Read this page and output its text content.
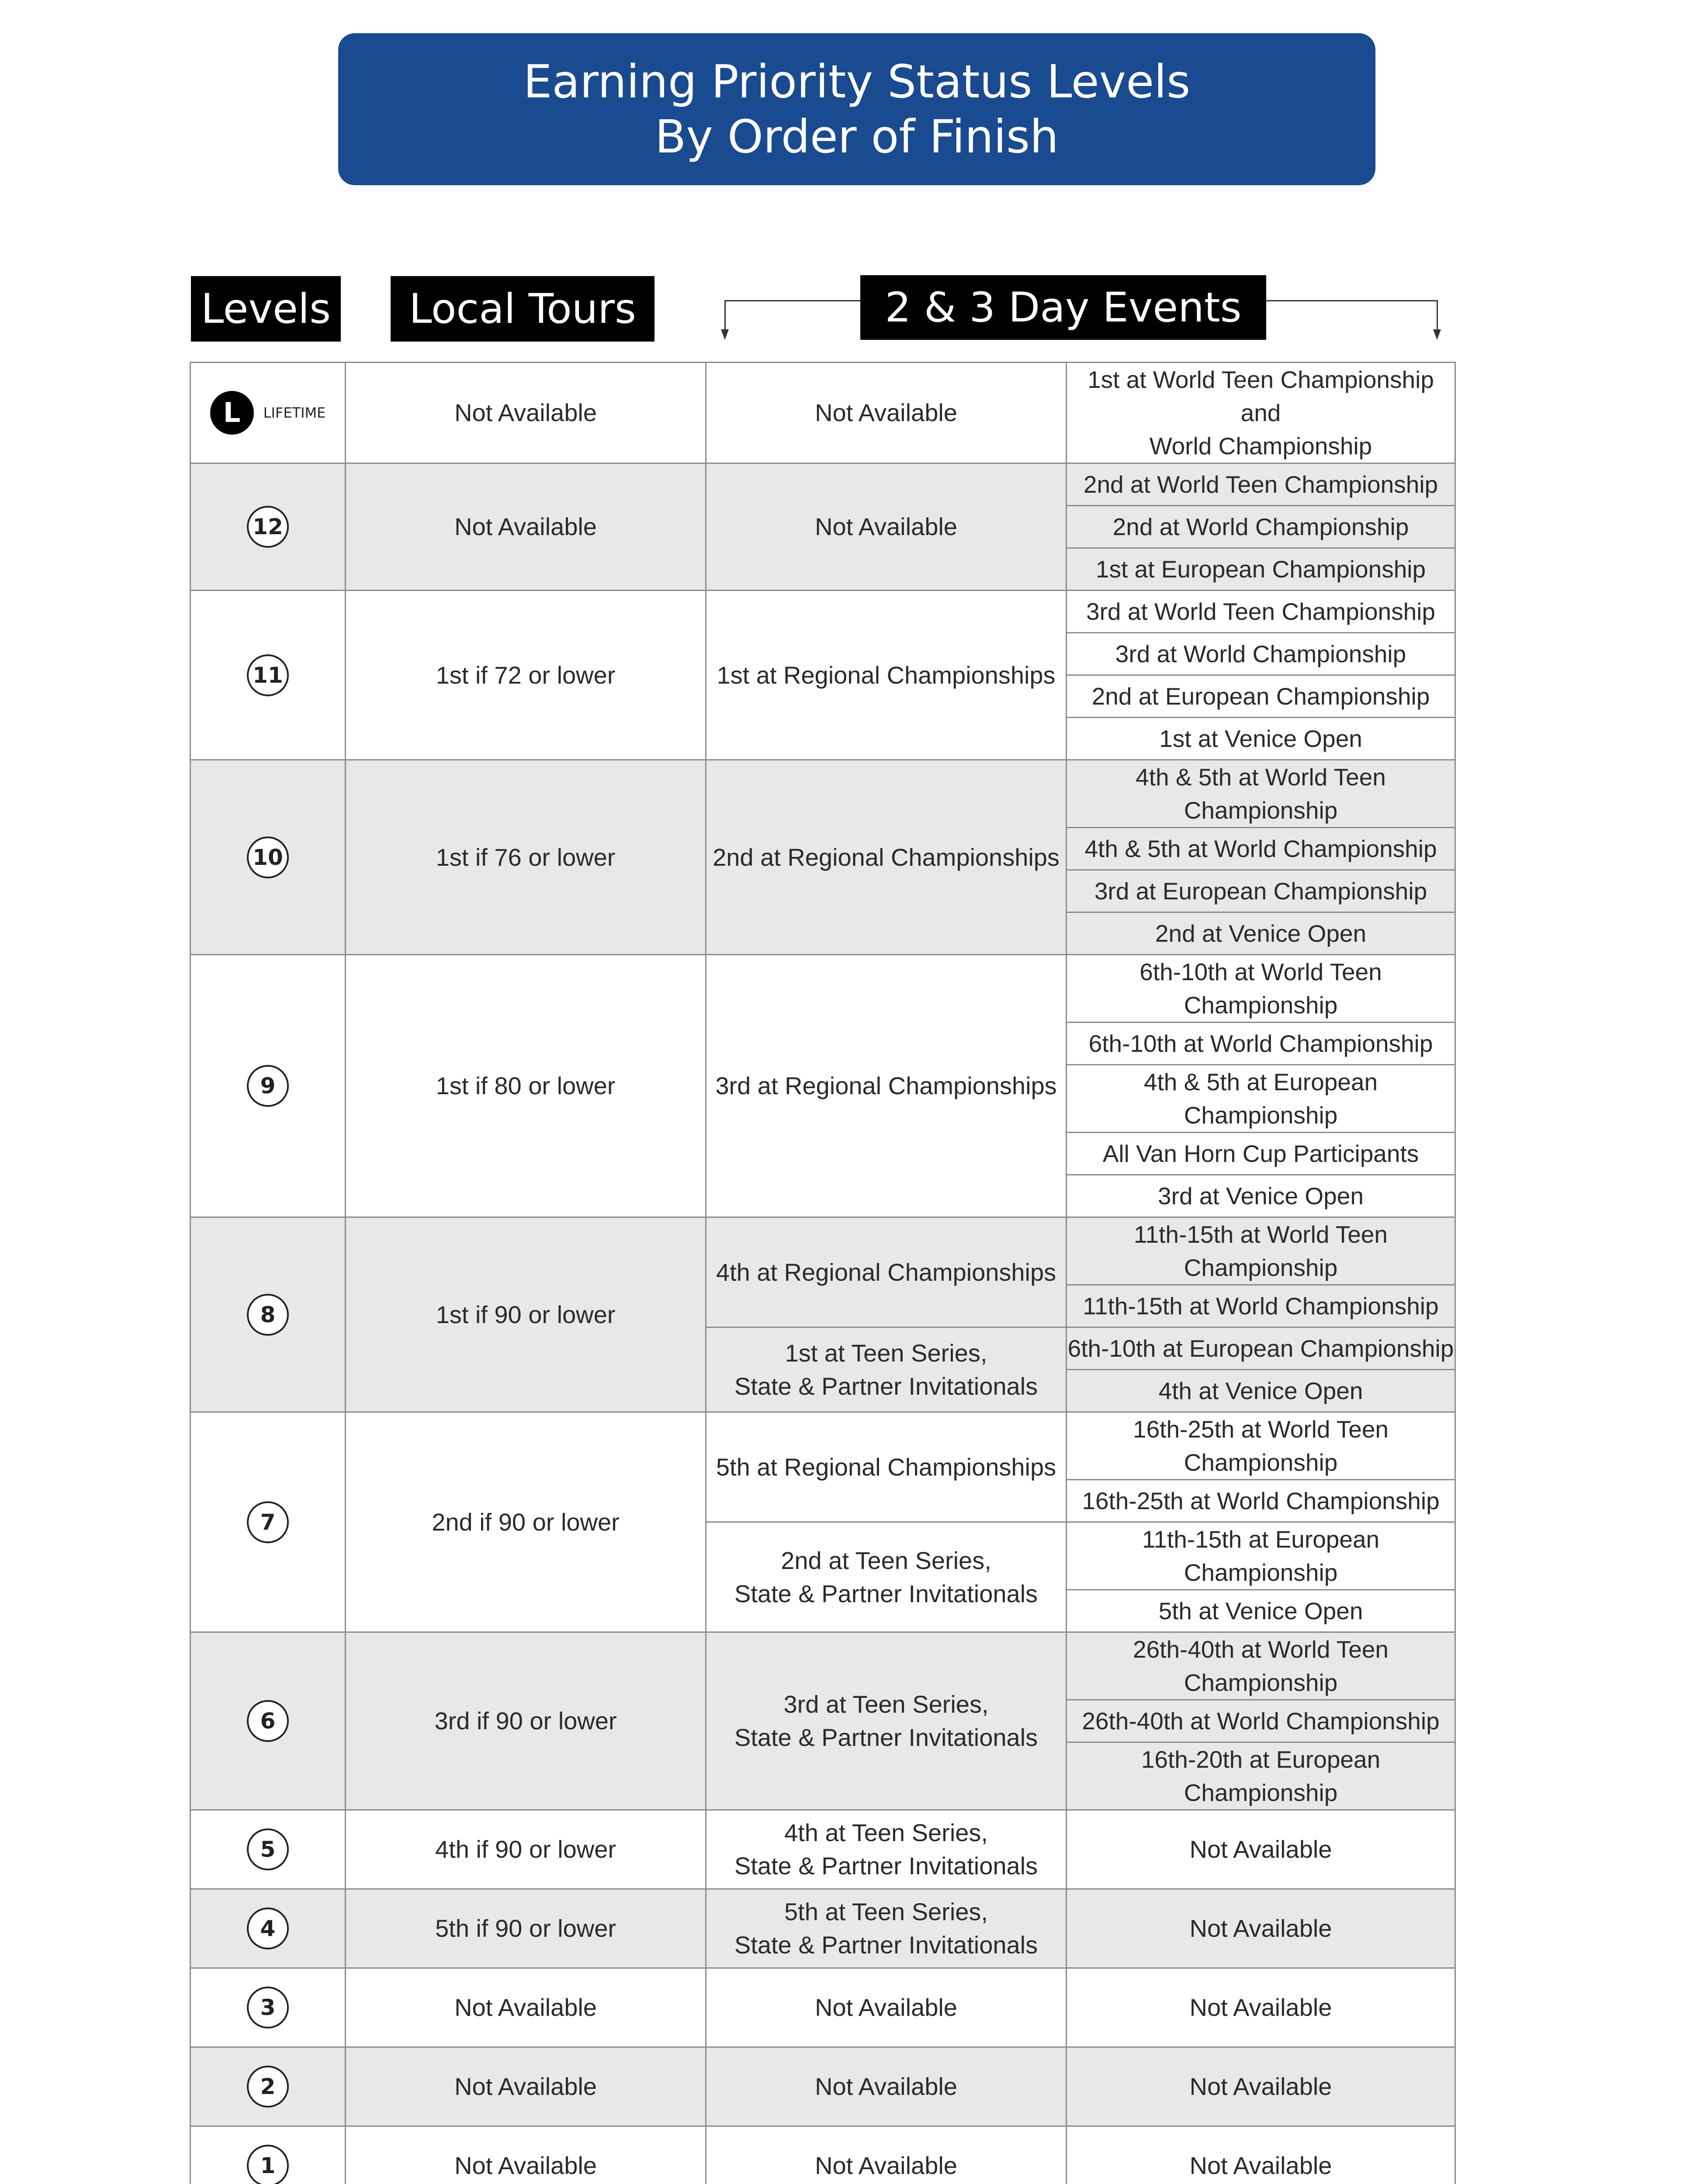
Earning Priority Status Levels
By Order of Finish
Levels	Local Tours	2 & 3 Day Events
L LIFETIME	Not Available	Not Available	1st at World Teen Championship and
World Championship

12	Not Available	Not Available	2nd at World Teen Championship
			2nd at World Championship
			1st at European Championship
11	1st if 72 or lower	1st at Regional Championships	3rd at World Teen Championship
			3rd at World Championship
			2nd at European Championship
			1st at Venice Open
10	1st if 76 or lower	2nd at Regional Championships	4th & 5th at World Teen Championship
			4th & 5th at World Championship
			3rd at European Championship
			2nd at Venice Open
9	1st if 80 or lower	3rd at Regional Championships	6th-10th at World Teen Championship
			6th-10th at World Championship
			4th & 5th at European Championship
			All Van Horn Cup Participants
			3rd at Venice Open
8	1st if 90 or lower	4th at Regional Championships	11th-15th at World Teen Championship
			11th-15th at World Championship

		1st at Teen Series,
State & Partner Invitationals	6th-10th at European Championship
			4th at Venice Open
7	2nd if 90 or lower	5th at Regional Championships	16th-25th at World Teen Championship
			16th-25th at World Championship

		2nd at Teen Series,
State & Partner Invitationals	11th-15th at European Championship
			5th at Venice Open
6	3rd if 90 or lower	3rd at Teen Series,
State & Partner Invitationals	26th-40th at World Teen Championship
			26th-40th at World Championship
			16th-20th at European Championship
5	4th if 90 or lower	4th at Teen Series,
State & Partner Invitationals	Not Available
4	5th if 90 or lower	5th at Teen Series,
State & Partner Invitationals	Not Available
3	Not Available	Not Available	Not Available
2	Not Available	Not Available	Not Available
1	Not Available	Not Available	Not Available
